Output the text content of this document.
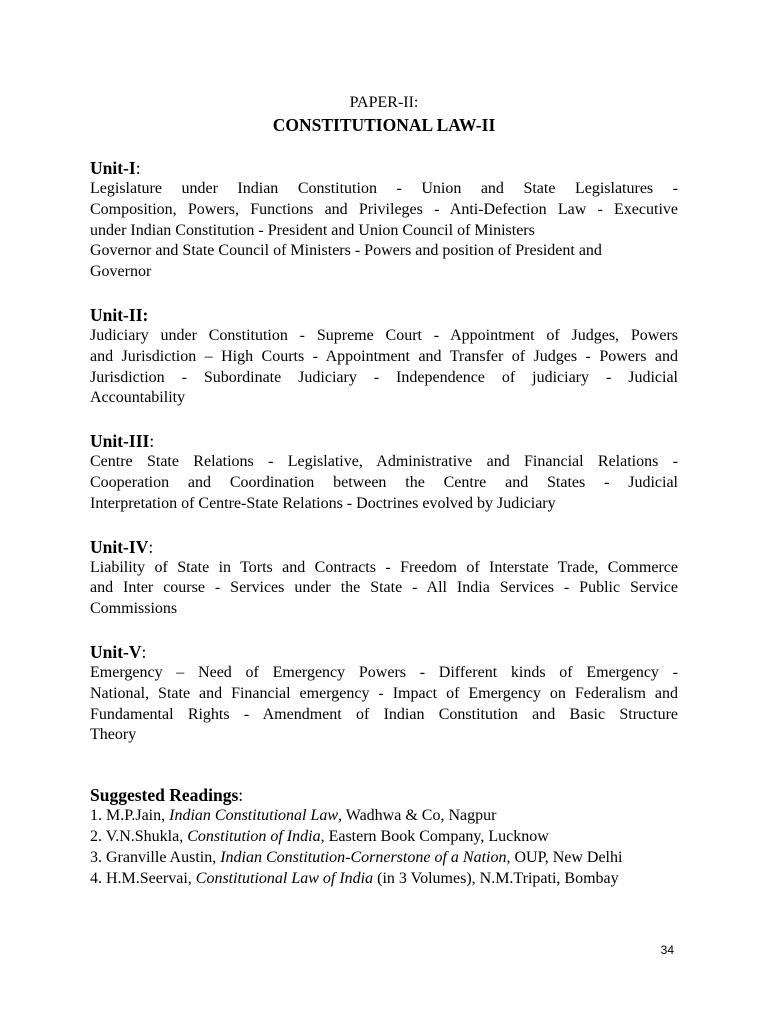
PAPER-II:

CONSTITUTIONAL LAW-II

Unit-I:

Legislature under Indian Constitution - Union and State Legislatures -
Composition, Powers, Functions and Privileges - Anti-Defection Law - Executive
under Indian Constitution - President and Union Council of Ministers
Governor and State Council of Ministers - Powers and position of President and
Governor

Unit-II:

Judiciary under Constitution - Supreme Court - Appointment of Judges, Powers
and Jurisdiction – High Courts - Appointment and Transfer of Judges - Powers and
Jurisdiction - Subordinate Judiciary - Independence of judiciary - Judicial
Accountability

Unit-III:

Centre State Relations - Legislative, Administrative and Financial Relations -
Cooperation and Coordination between the Centre and States - Judicial
Interpretation of Centre-State Relations - Doctrines evolved by Judiciary

Unit-IV:

Liability of State in Torts and Contracts - Freedom of Interstate Trade, Commerce
and Inter course - Services under the State - All India Services - Public Service
Commissions

Unit-V:

Emergency – Need of Emergency Powers - Different kinds of Emergency -
National, State and Financial emergency - Impact of Emergency on Federalism and
Fundamental Rights - Amendment of Indian Constitution and Basic Structure
Theory

Suggested Readings:

1. M.P.Jain, Indian Constitutional Law, Wadhwa & Co, Nagpur
2. V.N.Shukla, Constitution of India, Eastern Book Company, Lucknow
3. Granville Austin, Indian Constitution-Cornerstone of a Nation, OUP, New Delhi
4. H.M.Seervai, Constitutional Law of India (in 3 Volumes), N.M.Tripati, Bombay
34
